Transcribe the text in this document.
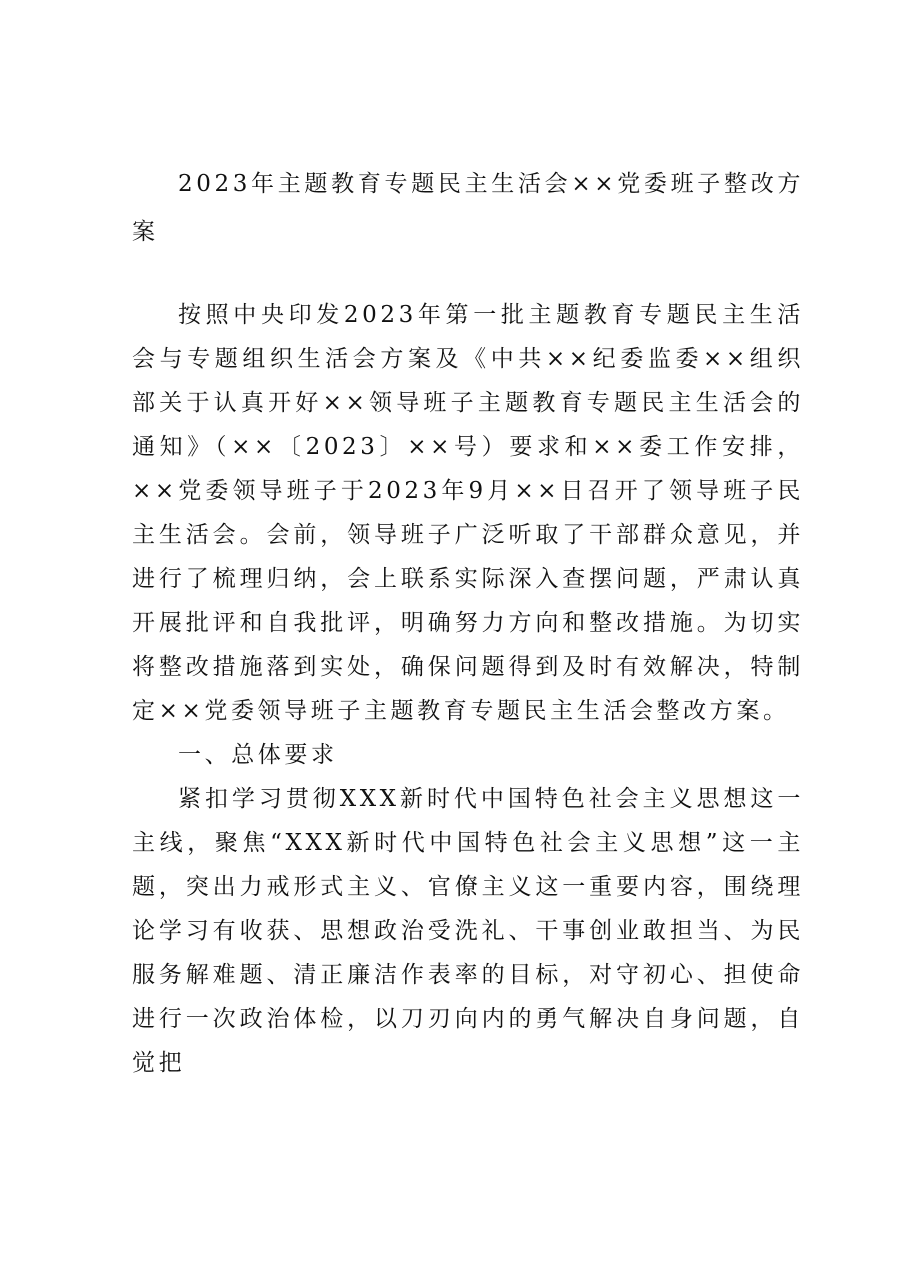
2023年主题教育专题民主生活会××党委班子整改方案

按照中央印发2023年第一批主题教育专题民主生活会与专题组织生活会方案及《中共××纪委监委××组织部关于认真开好××领导班子主题教育专题民主生活会的通知》（××〔2023〕××号）要求和××委工作安排，××党委领导班子于2023年9月××日召开了领导班子民主生活会。会前，领导班子广泛听取了干部群众意见，并进行了梳理归纳，会上联系实际深入查摆问题，严肃认真开展批评和自我批评，明确努力方向和整改措施。为切实将整改措施落到实处，确保问题得到及时有效解决，特制定××党委领导班子主题教育专题民主生活会整改方案。

一、总体要求

紧扣学习贯彻XXX新时代中国特色社会主义思想这一主线，聚焦“XXX新时代中国特色社会主义思想”这一主题，突出力戒形式主义、官僚主义这一重要内容，围绕理论学习有收获、思想政治受洗礼、干事创业敢担当、为民服务解难题、清正廉洁作表率的目标，对守初心、担使命进行一次政治体检，以刀刃向内的勇气解决自身问题，自觉把
